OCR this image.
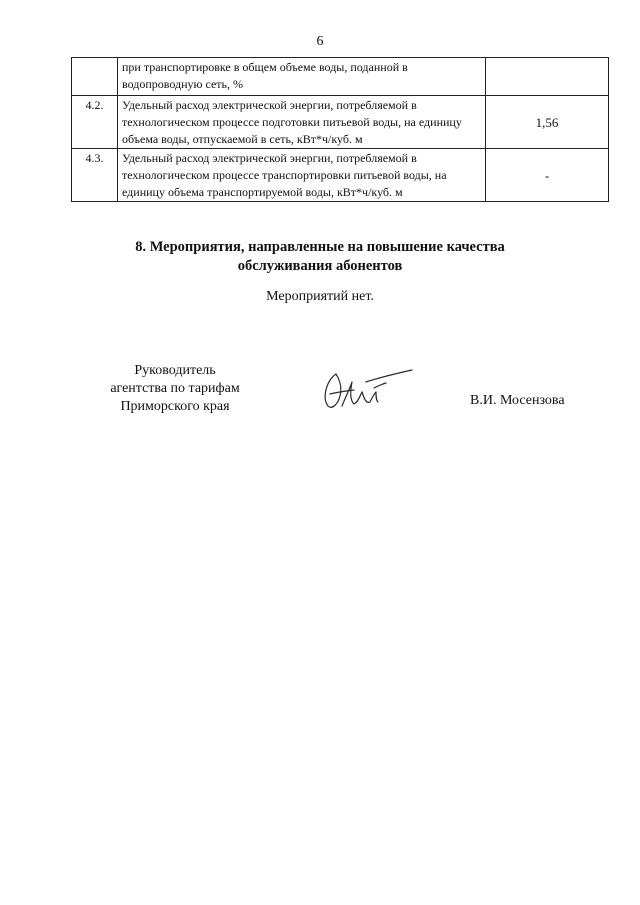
6
	при транспортировке в общем объеме воды, поданной в водопроводную сеть, %	
4.2.	Удельный расход электрической энергии, потребляемой в технологическом процессе подготовки питьевой воды, на единицу объема воды, отпускаемой в сеть, кВт*ч/куб. м	1,56
4.3.	Удельный расход электрической энергии, потребляемой в технологическом процессе транспортировки питьевой воды, на единицу объема транспортируемой воды, кВт*ч/куб. м	-
8. Мероприятия, направленные на повышение качества
обслуживания абонентов
Мероприятий нет.
Руководитель
агентства по тарифам
Приморского края	В.И. Мосензова
